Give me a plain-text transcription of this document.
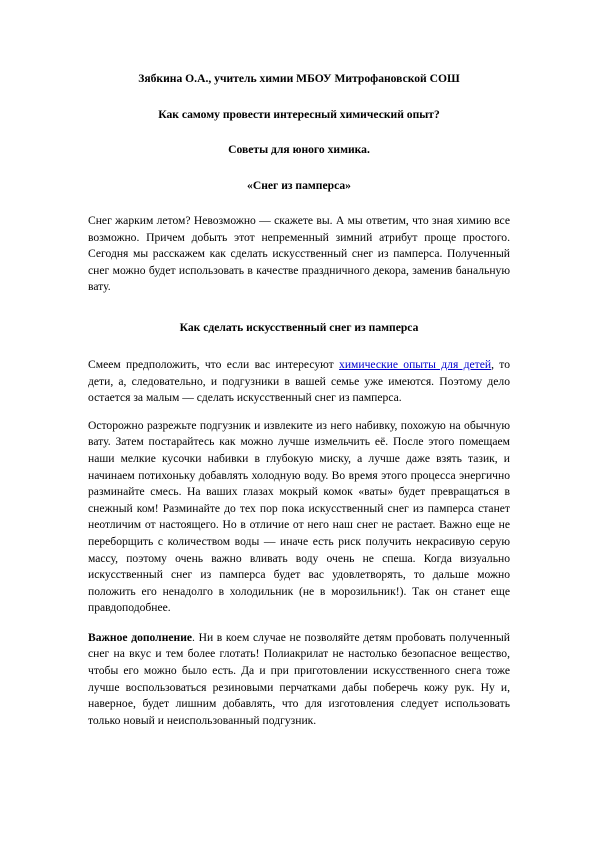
Зябкина О.А., учитель химии МБОУ Митрофановской СОШ

Как самому провести интересный химический опыт?

Советы для юного химика.

«Снег из памперса»

Снег жарким летом? Невозможно — скажете вы. А мы ответим, что зная химию все возможно. Причем добыть этот непременный зимний атрибут проще простого. Сегодня мы расскажем как сделать искусственный снег из памперса. Полученный снег можно будет использовать в качестве праздничного декора, заменив банальную вату.

Как сделать искусственный снег из памперса

Смеем предположить, что если вас интересуют химические опыты для детей, то дети, а, следовательно, и подгузники в вашей семье уже имеются. Поэтому дело остается за малым — сделать искусственный снег из памперса.

Осторожно разрежьте подгузник и извлеките из него набивку, похожую на обычную вату. Затем постарайтесь как можно лучше измельчить её. После этого помещаем наши мелкие кусочки набивки в глубокую миску, а лучше даже взять тазик, и начинаем потихоньку добавлять холодную воду. Во время этого процесса энергично разминайте смесь. На ваших глазах мокрый комок «ваты» будет превращаться в снежный ком! Разминайте до тех пор пока искусственный снег из памперса станет неотличим от настоящего. Но в отличие от него наш снег не растает. Важно еще не переборщить с количеством воды — иначе есть риск получить некрасивую серую массу, поэтому очень важно вливать воду очень не спеша. Когда визуально искусственный снег из памперса будет вас удовлетворять, то дальше можно положить его ненадолго в холодильник (не в морозильник!). Так он станет еще правдоподобнее.

Важное дополнение. Ни в коем случае не позволяйте детям пробовать полученный снег на вкус и тем более глотать! Полиакрилат не настолько безопасное вещество, чтобы его можно было есть. Да и при приготовлении искусственного снега тоже лучше воспользоваться резиновыми перчатками дабы поберечь кожу рук. Ну и, наверное, будет лишним добавлять, что для изготовления следует использовать только новый и неиспользованный подгузник.
